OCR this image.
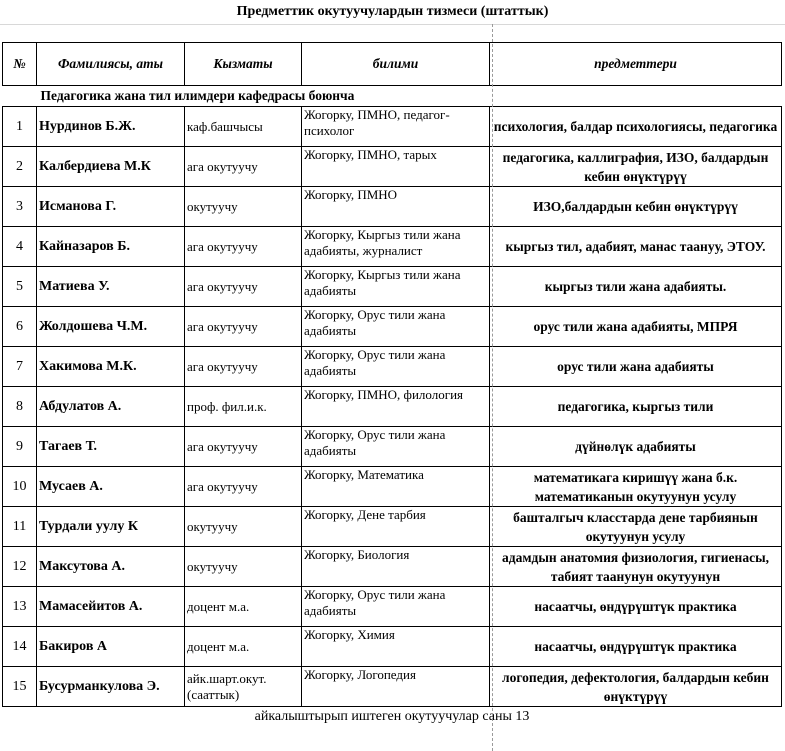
Предметтик окутуучулардын тизмеси (штаттык)
№	Фамилиясы, аты	Кызматы	билими	предметтери
Педагогика жана тил илимдери кафедрасы боюнча				
1	Нурдинов Б.Ж.	каф.башчысы	Жогорку, ПМНО, педагог-психолог	психология, балдар психологиясы, педагогика
2	Калбердиева М.К	ага окутуучу	Жогорку, ПМНО, тарых	педагогика, каллиграфия, ИЗО, балдардын кебин өнүктүрүү
3	Исманова Г.	окутуучу	Жогорку, ПМНО	ИЗО,балдардын кебин өнүктүрүү
4	Кайназаров Б.	ага окутуучу	Жогорку, Кыргыз тили жана адабияты, журналист	кыргыз тил, адабият, манас таануу, ЭТОУ.
5	Матиева У.	ага окутуучу	Жогорку, Кыргыз тили жана адабияты	кыргыз тили жана адабияты.
6	Жолдошева Ч.М.	ага окутуучу	Жогорку, Орус тили жана адабияты	орус тили жана адабияты, МПРЯ
7	Хакимова М.К.	ага окутуучу	Жогорку, Орус тили жана адабияты	орус тили жана адабияты
8	Абдулатов А.	проф. фил.и.к.	Жогорку, ПМНО, филология	педагогика, кыргыз тили
9	Тагаев Т.	ага окутуучу	Жогорку, Орус тили жана адабияты	дүйнөлүк адабияты
10	Мусаев А.	ага окутуучу	Жогорку, Математика	математикага киришүү жана б.к. математиканын окутуунун усулу
11	Турдали уулу К	окутуучу	Жогорку, Дене тарбия	башталгыч класстарда дене тарбиянын окутуунун усулу
12	Максутова А.	окутуучу	Жогорку, Биология	адамдын анатомия физиология, гигиенасы, табият таанунун окутуунун
13	Мамасейитов А.	доцент м.а.	Жогорку, Орус тили жана адабияты	насаатчы, өндүрүштүк практика
14	Бакиров А	доцент м.а.	Жогорку, Химия	насаатчы, өндүрүштүк практика
15	Бусурманкулова Э.	айк.шарт.окут. (сааттык)	Жогорку, Логопедия	логопедия, дефектология, балдардын кебин өнүктүрүү
айкалыштырып иштеген окутуучулар саны 13				
